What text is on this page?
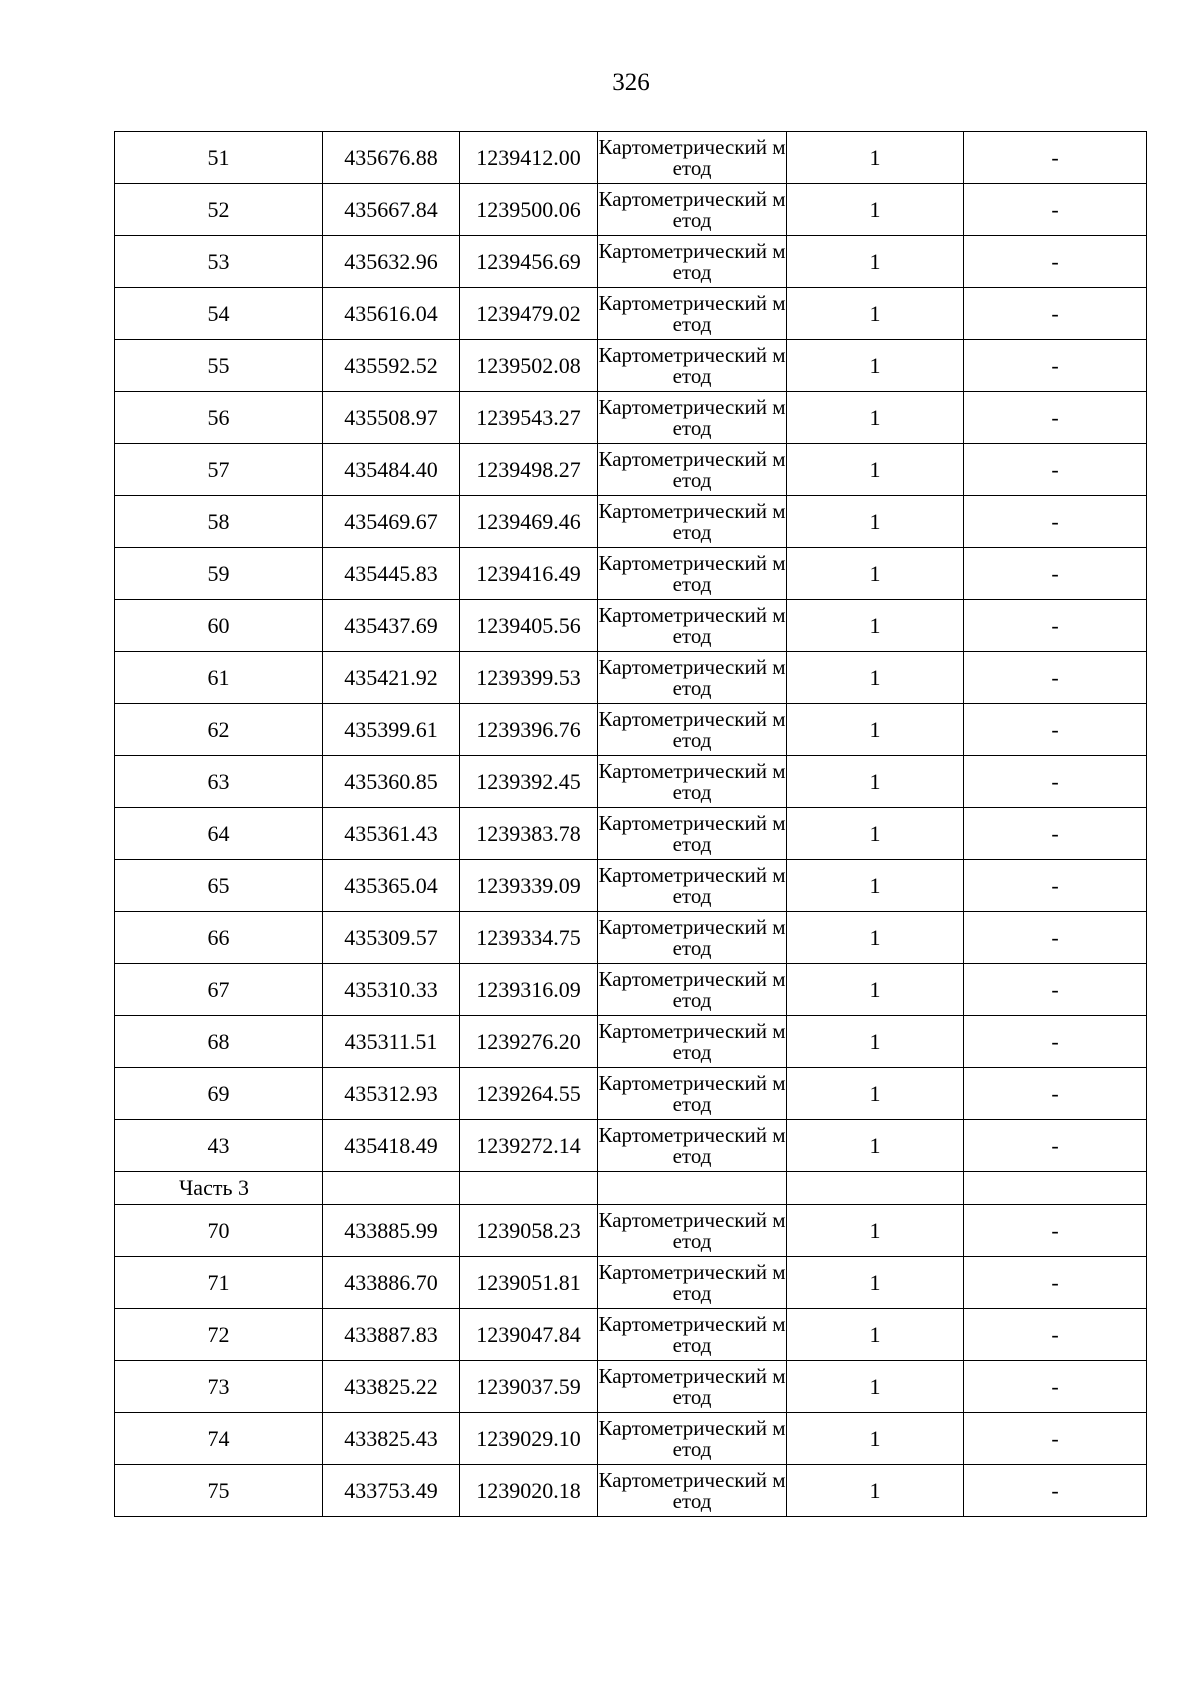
326
51	435676.88	1239412.00	Картометрический метод	1	-
52	435667.84	1239500.06	Картометрический метод	1	-
53	435632.96	1239456.69	Картометрический метод	1	-
54	435616.04	1239479.02	Картометрический метод	1	-
55	435592.52	1239502.08	Картометрический метод	1	-
56	435508.97	1239543.27	Картометрический метод	1	-
57	435484.40	1239498.27	Картометрический метод	1	-
58	435469.67	1239469.46	Картометрический метод	1	-
59	435445.83	1239416.49	Картометрический метод	1	-
60	435437.69	1239405.56	Картометрический метод	1	-
61	435421.92	1239399.53	Картометрический метод	1	-
62	435399.61	1239396.76	Картометрический метод	1	-
63	435360.85	1239392.45	Картометрический метод	1	-
64	435361.43	1239383.78	Картометрический метод	1	-
65	435365.04	1239339.09	Картометрический метод	1	-
66	435309.57	1239334.75	Картометрический метод	1	-
67	435310.33	1239316.09	Картометрический метод	1	-
68	435311.51	1239276.20	Картометрический метод	1	-
69	435312.93	1239264.55	Картометрический метод	1	-
43	435418.49	1239272.14	Картометрический метод	1	-
Часть 3					
70	433885.99	1239058.23	Картометрический метод	1	-
71	433886.70	1239051.81	Картометрический метод	1	-
72	433887.83	1239047.84	Картометрический метод	1	-
73	433825.22	1239037.59	Картометрический метод	1	-
74	433825.43	1239029.10	Картометрический метод	1	-
75	433753.49	1239020.18	Картометрический метод	1	-
